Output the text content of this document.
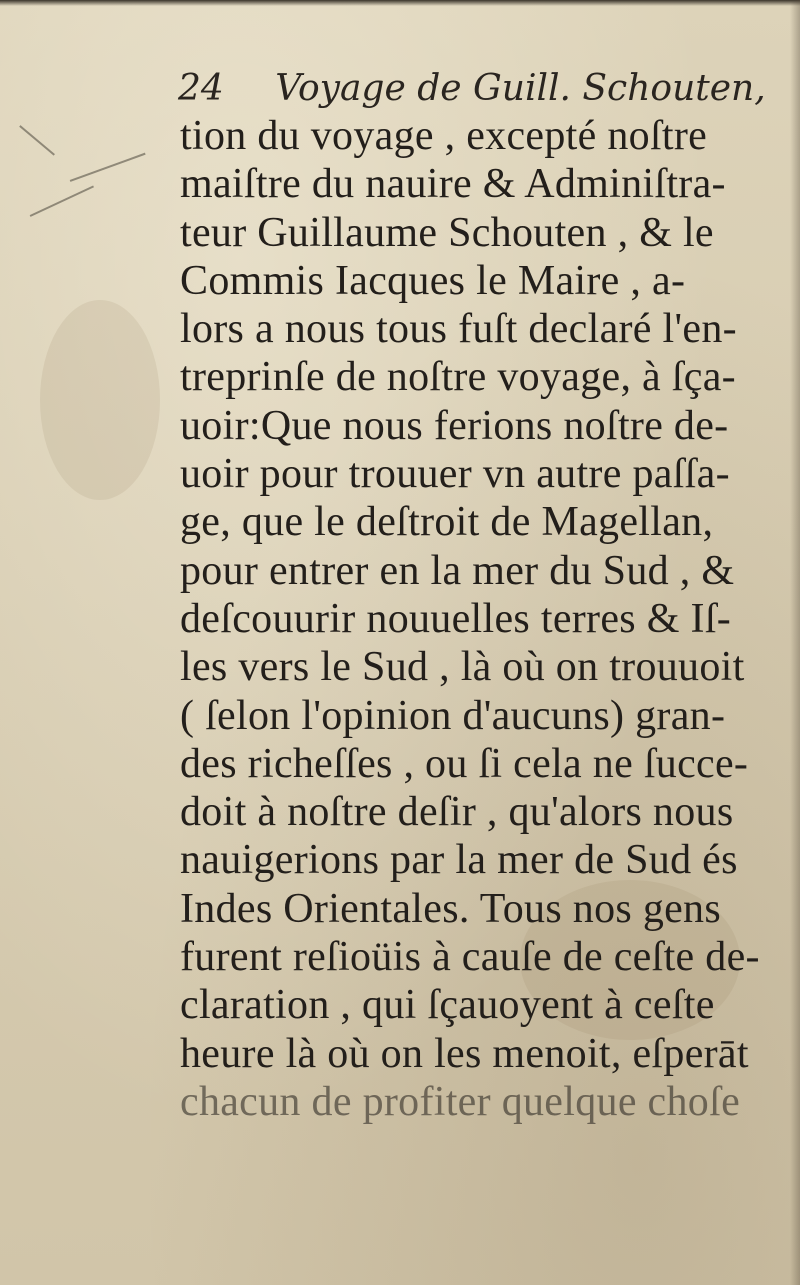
24 Voyage de Guill. Schouten,
tion du voyage , excepté noſtre
maiſtre du nauire & Adminiſtra-
teur Guillaume Schouten , & le
Commis Iacques le Maire , a-
lors a nous tous fuſt declaré l'en-
treprinſe de noſtre voyage, à ſça-
uoir:Que nous ferions noſtre de-
uoir pour trouuer vn autre paſſa-
ge, que le deſtroit de Magellan,
pour entrer en la mer du Sud , &
deſcouurir nouuelles terres & Iſ-
les vers le Sud , là où on trouuoit
( ſelon l'opinion d'aucuns) gran-
des richeſſes , ou ſi cela ne ſucce-
doit à noſtre deſir , qu'alors nous
nauigerions par la mer de Sud és
Indes Orientales. Tous nos gens
furent reſioüis à cauſe de ceſte de-
claration , qui ſçauoyent à ceſte
heure là où on les menoit, eſperāt
chacun de profiter quelque choſe
